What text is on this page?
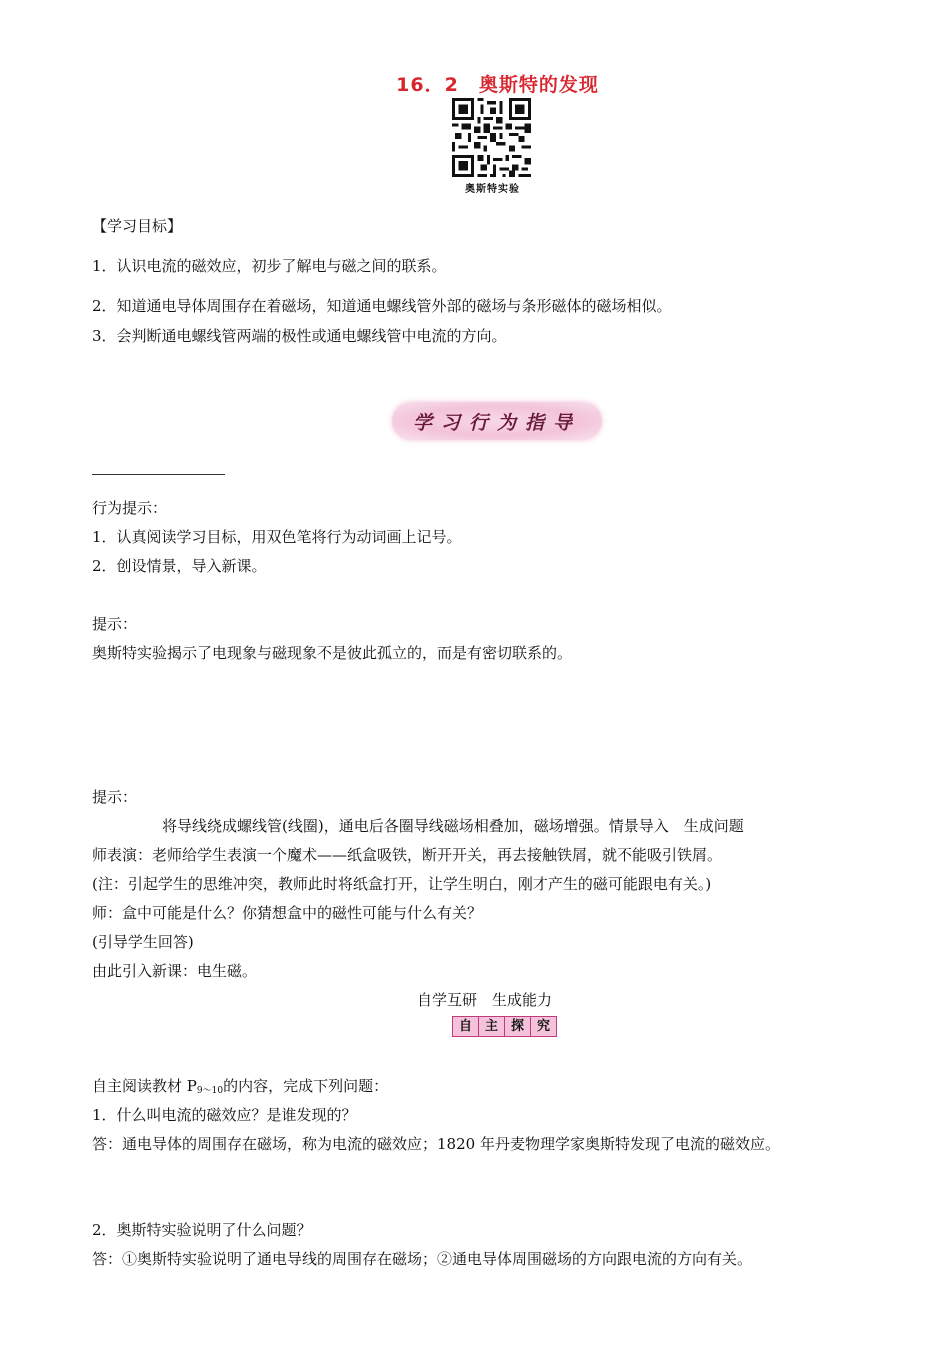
16．2　奥斯特的发现
奥斯特实验
【学习目标】
1．认识电流的磁效应，初步了解电与磁之间的联系。
2．知道通电导体周围存在着磁场，知道通电螺线管外部的磁场与条形磁体的磁场相似。
3．会判断通电螺线管两端的极性或通电螺线管中电流的方向。
学习行为指导
行为提示：
1．认真阅读学习目标，用双色笔将行为动词画上记号。
2．创设情景，导入新课。
提示：
奥斯特实验揭示了电现象与磁现象不是彼此孤立的，而是有密切联系的。
提示：
将导线绕成螺线管(线圈)，通电后各圈导线磁场相叠加，磁场增强。情景导入　生成问题
师表演：老师给学生表演一个魔术——纸盒吸铁，断开开关，再去接触铁屑，就不能吸引铁屑。
(注：引起学生的思维冲突，教师此时将纸盒打开，让学生明白，刚才产生的磁可能跟电有关。)
师：盒中可能是什么？你猜想盒中的磁性可能与什么有关？
(引导学生回答)
由此引入新课：电生磁。
自学互研　生成能力
自 主 探 究
自主阅读教材 $P_{9\sim 10}$的内容，完成下列问题：
1．什么叫电流的磁效应？是谁发现的？
答：通电导体的周围存在磁场，称为电流的磁效应；1820 年丹麦物理学家奥斯特发现了电流的磁效应。
2．奥斯特实验说明了什么问题？
答：①奥斯特实验说明了通电导线的周围存在磁场；②通电导体周围磁场的方向跟电流的方向有关。
